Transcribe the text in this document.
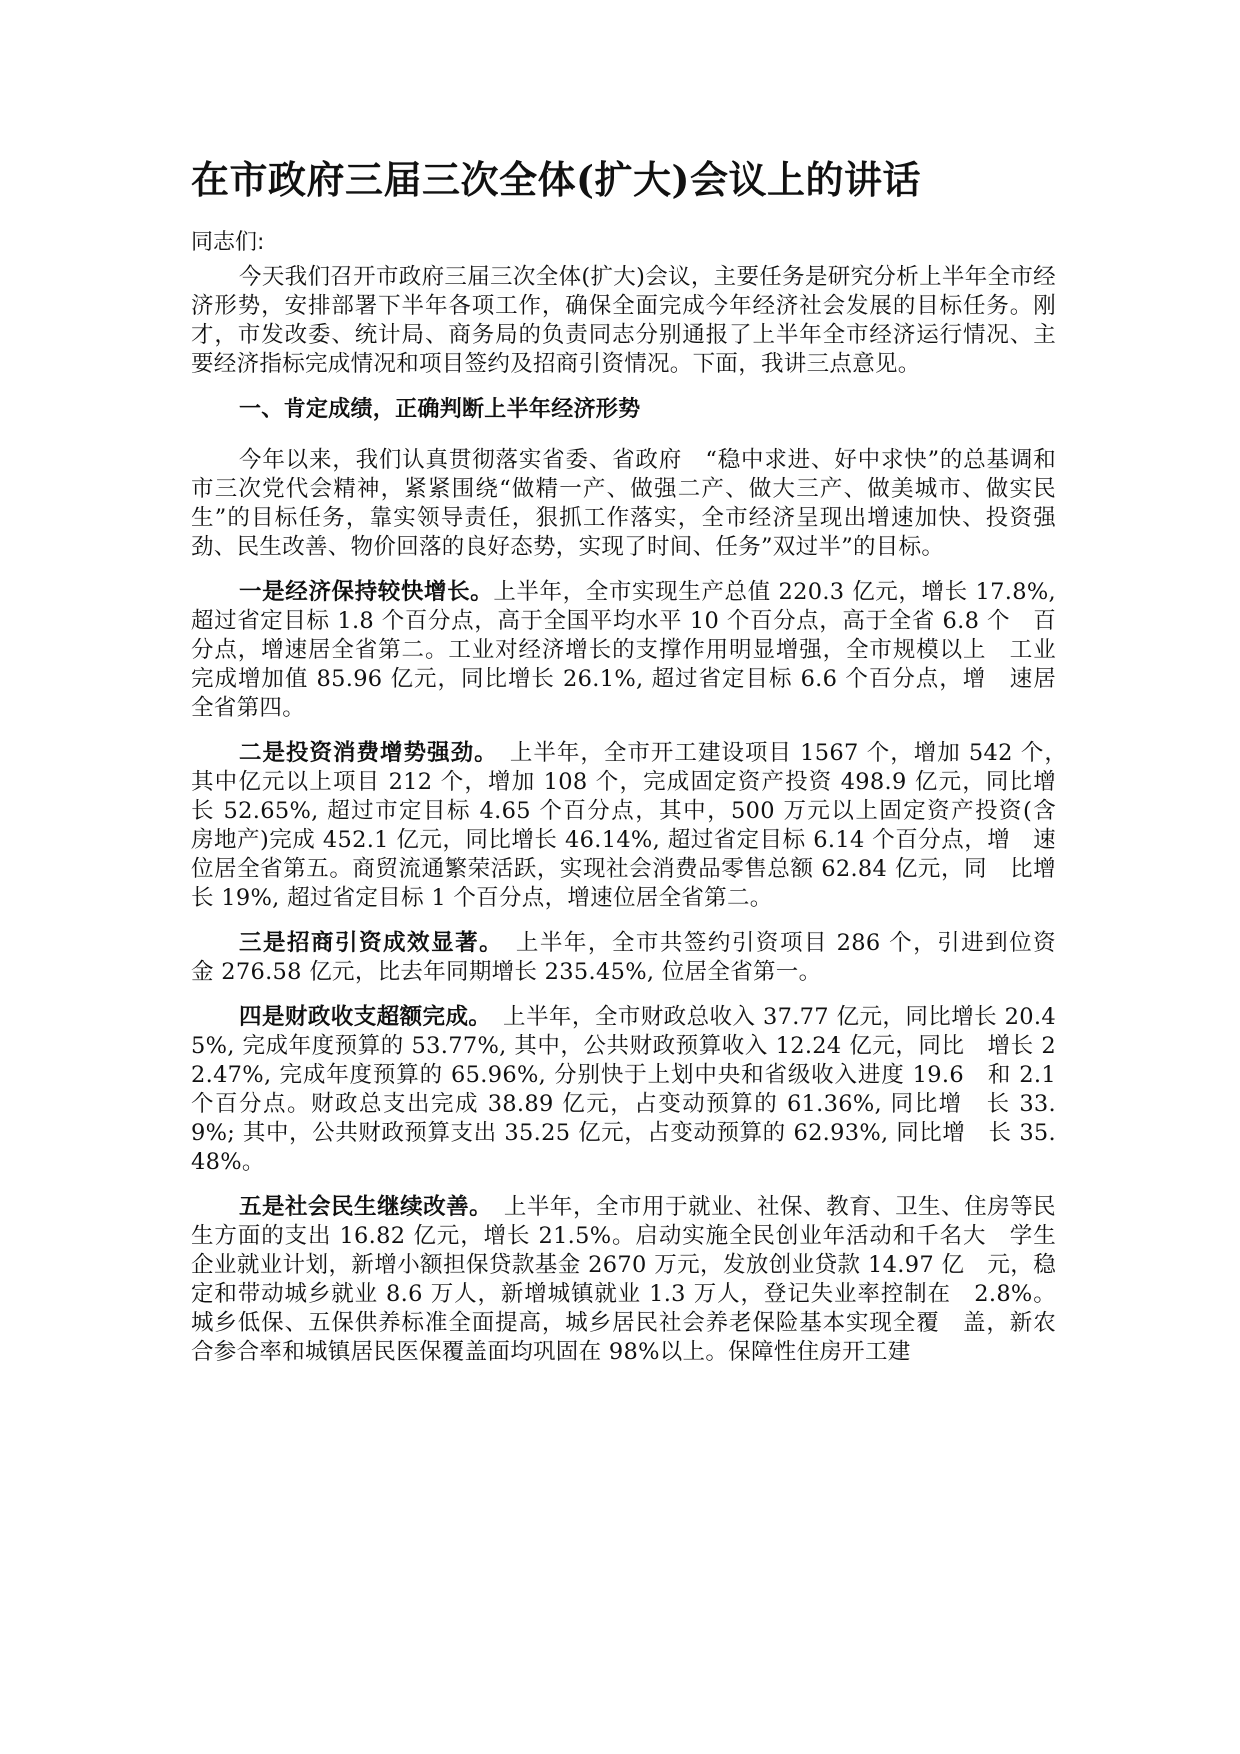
在市政府三届三次全体(扩大)会议上的讲话
同志们:

今天我们召开市政府三届三次全体(扩大)会议，主要任务是研究分析上半年全市经济形势，安排部署下半年各项工作，确保全面完成今年经济社会发展的目标任务。刚才，市发改委、统计局、商务局的负责同志分别通报了上半年全市经济运行情况、主要经济指标完成情况和项目签约及招商引资情况。下面，我讲三点意见。

一、肯定成绩，正确判断上半年经济形势

今年以来，我们认真贯彻落实省委、省政府　“稳中求进、好中求快”的总基调和市三次党代会精神，紧紧围绕“做精一产、做强二产、做大三产、做美城市、做实民生”的目标任务，靠实领导责任，狠抓工作落实，全市经济呈现出增速加快、投资强劲、民生改善、物价回落的良好态势，实现了时间、任务”双过半”的目标。

一是经济保持较快增长。上半年，全市实现生产总值 220.3 亿元，增长 17.8%, 超过省定目标 1.8 个百分点，高于全国平均水平 10 个百分点，高于全省 6.8 个　百分点，增速居全省第二。工业对经济增长的支撑作用明显增强，全市规模以上　工业完成增加值 85.96 亿元，同比增长 26.1%, 超过省定目标 6.6 个百分点，增　速居全省第四。

二是投资消费增势强劲。　上半年，全市开工建设项目 1567 个，增加 542 个，　其中亿元以上项目 212 个，增加 108 个，完成固定资产投资 498.9 亿元，同比增　长 52.65%, 超过市定目标 4.65 个百分点，其中，500 万元以上固定资产投资(含　房地产)完成 452.1 亿元，同比增长 46.14%, 超过省定目标 6.14 个百分点，增　速位居全省第五。商贸流通繁荣活跃，实现社会消费品零售总额 62.84 亿元，同　比增长 19%, 超过省定目标 1 个百分点，增速位居全省第二。

三是招商引资成效显著。　上半年，全市共签约引资项目 286 个，引进到位资　金 276.58 亿元，比去年同期增长 235.45%, 位居全省第一。

四是财政收支超额完成。　上半年，全市财政总收入 37.77 亿元，同比增长 20.45%, 完成年度预算的 53.77%, 其中，公共财政预算收入 12.24 亿元，同比　增长 22.47%, 完成年度预算的 65.96%, 分别快于上划中央和省级收入进度 19.6　和 2.1 个百分点。财政总支出完成 38.89 亿元，占变动预算的 61.36%, 同比增　长 33.9%; 其中，公共财政预算支出 35.25 亿元，占变动预算的 62.93%, 同比增　长 35.48%。

五是社会民生继续改善。　上半年，全市用于就业、社保、教育、卫生、住房等民生方面的支出 16.82 亿元，增长 21.5%。启动实施全民创业年活动和千名大　学生企业就业计划，新增小额担保贷款基金 2670 万元，发放创业贷款 14.97 亿　元，稳定和带动城乡就业 8.6 万人，新增城镇就业 1.3 万人，登记失业率控制在　2.8%。城乡低保、五保供养标准全面提高，城乡居民社会养老保险基本实现全覆　盖，新农合参合率和城镇居民医保覆盖面均巩固在 98%以上。保障性住房开工建
